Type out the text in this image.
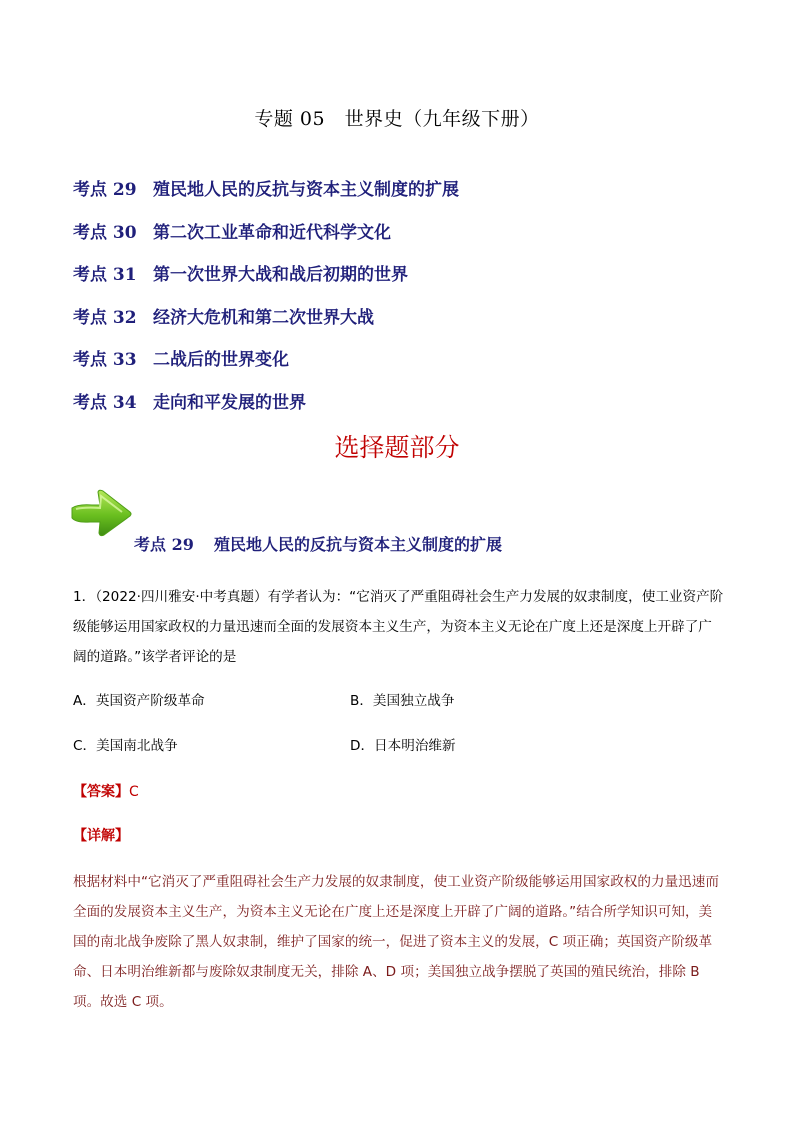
专题 05　世界史（九年级下册）
考点 29 殖民地人民的反抗与资本主义制度的扩展
考点 30 第二次工业革命和近代科学文化
考点 31 第一次世界大战和战后初期的世界
考点 32 经济大危机和第二次世界大战
考点 33 二战后的世界变化
考点 34 走向和平发展的世界
选择题部分
考点 29 殖民地人民的反抗与资本主义制度的扩展
1．（2022·四川雅安·中考真题）有学者认为：“它消灭了严重阻碍社会生产力发展的奴隶制度，使工业资产阶级能够运用国家政权的力量迅速而全面的发展资本主义生产，为资本主义无论在广度上还是深度上开辟了广阔的道路。”该学者评论的是
A．英国资产阶级革命	B．美国独立战争
C．美国南北战争	D．日本明治维新
【答案】C
【详解】
根据材料中“它消灭了严重阻碍社会生产力发展的奴隶制度，使工业资产阶级能够运用国家政权的力量迅速而全面的发展资本主义生产，为资本主义无论在广度上还是深度上开辟了广阔的道路。”结合所学知识可知，美国的南北战争废除了黑人奴隶制，维护了国家的统一，促进了资本主义的发展，C 项正确；英国资产阶级革命、日本明治维新都与废除奴隶制度无关，排除 A、D 项；美国独立战争摆脱了英国的殖民统治，排除 B 项。故选 C 项。
